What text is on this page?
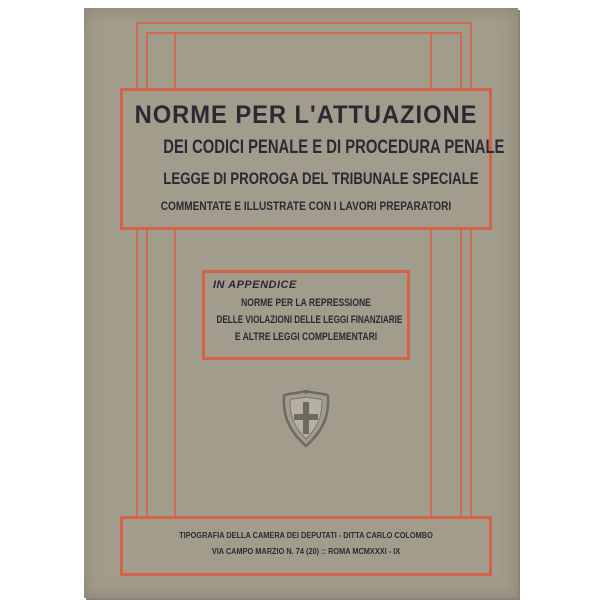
NORME PER L'ATTUAZIONE
DEI CODICI PENALE E DI PROCEDURA PENALE
LEGGE DI PROROGA DEL TRIBUNALE SPECIALE
COMMENTATE E ILLUSTRATE CON I LAVORI PREPARATORI
IN APPENDICE
NORME PER LA REPRESSIONE
DELLE VIOLAZIONI DELLE LEGGI FINANZIARIE
E ALTRE LEGGI COMPLEMENTARI
TIPOGRAFIA DELLA CAMERA DEI DEPUTATI - DITTA CARLO COLOMBO
VIA CAMPO MARZIO N. 74 (20) :: ROMA MCMXXXI - IX
